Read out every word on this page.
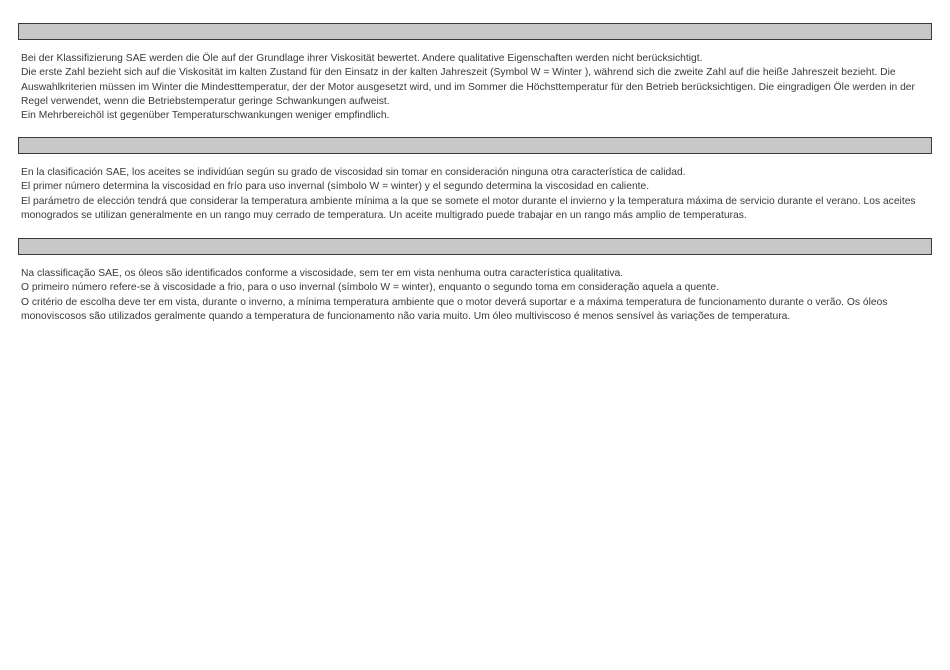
Bei der Klassifizierung SAE werden die Öle auf der Grundlage ihrer Viskosität bewertet. Andere qualitative Eigenschaften werden nicht berücksichtigt.

Die erste Zahl bezieht sich auf die Viskosität im kalten Zustand für den Einsatz in der kalten Jahreszeit (Symbol W = Winter ), während sich die zweite Zahl auf die heiße Jahreszeit bezieht. Die Auswahlkriterien müssen im Winter die Mindesttemperatur, der der Motor ausgesetzt wird, und im Sommer die Höchsttemperatur für den Betrieb berücksichtigen. Die eingradigen Öle werden in der Regel verwendet, wenn die Betriebstemperatur geringe Schwankungen aufweist.

Ein Mehrbereichöl ist gegenüber Temperaturschwankungen weniger empfindlich.

En la clasificación SAE, los aceites se individúan según su grado de viscosidad sin tomar en consideración ninguna otra característica de calidad.

El primer número determina la viscosidad en frío para uso invernal (símbolo W = winter) y el segundo determina la viscosidad en caliente.

El parámetro de elección tendrá que considerar la temperatura ambiente mínima a la que se somete el motor durante el invierno y la temperatura máxima de servicio durante el verano. Los aceites monogrados se utilizan generalmente en un rango muy cerrado de temperatura. Un aceite multigrado puede trabajar en un rango más amplio de temperaturas.

Na classificação SAE, os óleos são identificados conforme a viscosidade, sem ter em vista nenhuma outra característica qualitativa.

O primeiro número refere-se à viscosidade a frio, para o uso invernal (símbolo W = winter), enquanto o segundo toma em consideração aquela a quente.

O critério de escolha deve ter em vista, durante o inverno, a mínima temperatura ambiente que o motor deverá suportar e a máxima temperatura de funcionamento durante o verão. Os óleos monoviscosos são utilizados geralmente quando a temperatura de funcionamento não varia muito. Um óleo multiviscoso é menos sensível às variações de temperatura.
